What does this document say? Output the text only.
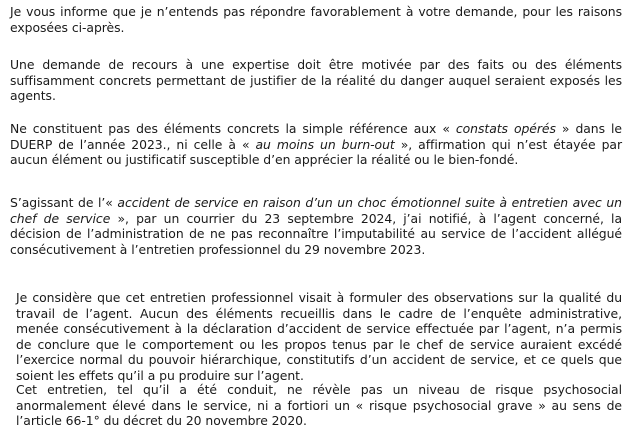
Je vous informe que je n’entends pas répondre favorablement à votre demande, pour les raisons exposées ci-après.

Une demande de recours à une expertise doit être motivée par des faits ou des éléments suffisamment concrets permettant de justifier de la réalité du danger auquel seraient exposés les agents.

Ne constituent pas des éléments concrets la simple référence aux « constats opérés » dans le DUERP de l’année 2023., ni celle à « au moins un burn-out », affirmation qui n’est étayée par aucun élément ou justificatif susceptible d’en apprécier la réalité ou le bien-fondé.

S’agissant de l’« accident de service en raison d’un un choc émotionnel suite à entretien avec un chef de service », par un courrier du 23 septembre 2024, j’ai notifié, à l’agent concerné, la décision de l’administration de ne pas reconnaître l’imputabilité au service de l’accident allégué consécutivement à l’entretien professionnel du 29 novembre 2023.

Je considère que cet entretien professionnel visait à formuler des observations sur la qualité du travail de l’agent. Aucun des éléments recueillis dans le cadre de l’enquête administrative, menée consécutivement à la déclaration d’accident de service effectuée par l’agent, n’a permis de conclure que le comportement ou les propos tenus par le chef de service auraient excédé l’exercice normal du pouvoir hiérarchique, constitutifs d’un accident de service, et ce quels que soient les effets qu’il a pu produire sur l’agent.

Cet entretien, tel qu’il a été conduit, ne révèle pas un niveau de risque psychosocial anormalement élevé dans le service, ni a fortiori un « risque psychosocial grave » au sens de l’article 66-1° du décret du 20 novembre 2020.
